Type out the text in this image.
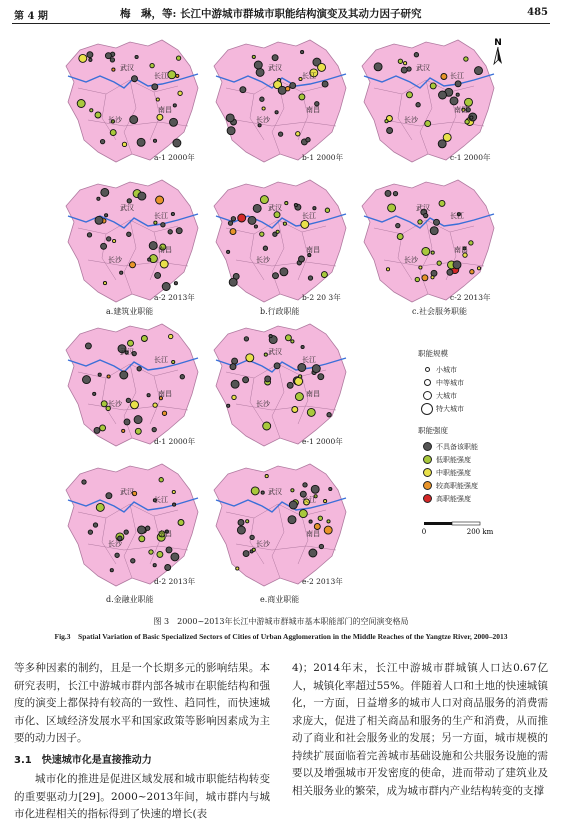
第 4 期	梅　琳，等: 长江中游城市群城市职能结构演变及其动力因子研究	485
N
武汉
长江
南昌
长沙
a-1 2000年
武汉
长江
南昌
长沙
b-1 2000年
武汉
长江
南昌
长沙
c-1 2000年
武汉
长江
南昌
长沙
a-2 2013年
武汉
长江
南昌
长沙
b-2 20 3年
武汉
长江
南昌
长沙
c-2 2013年
武汉
长江
南昌
长沙
d-1 2000年
武汉
长江
南昌
长沙
e-1 2000年
武汉
长江
南昌
长沙
d-2 2013年
武汉
长江
南昌
长沙
e-2 2013年
a.建筑业职能	b.行政职能	c.社会服务职能
d.金融业职能	e.商业职能
职能规模
小城市
中等城市
大城市
特大城市
职能强度
不具备该职能
低职能强度
中职能强度
较高职能强度
高职能强度
0	200 km
图 3　2000~2013年长江中游城市群城市基本职能部门的空间演变格局
Fig.3　Spatial Variation of Basic Specialized Sectors of Cities of Urban Agglomeration in the Middle Reaches of the Yangtze River, 2000–2013

等多种因素的制约，且是一个长期多元的影响结果。本研究表明，长江中游城市群内部各城市在职能结构和强度的演变上都保持有较高的一致性、趋同性，而快速城市化、区域经济发展水平和国家政策等影响因素成为主要的动力因子。

3.1　快速城市化是直接推动力

城市化的推进是促进区域发展和城市职能结构转变的重要驱动力[29]。2000~2013年间，城市群内与城市化进程相关的指标得到了快速的增长(表

4)；2014年末，长江中游城市群城镇人口达0.67亿人，城镇化率超过55%。伴随着人口和土地的快速城镇化，一方面，日益增多的城市人口对商品服务的消费需求庞大，促进了相关商品和服务的生产和消费，从而推动了商业和社会服务业的发展；另一方面，城市规模的持续扩展面临着完善城市基础设施和公共服务设施的需要以及增强城市开发密度的使命，进而带动了建筑业及相关服务业的繁荣，成为城市群内产业结构转变的支撑
